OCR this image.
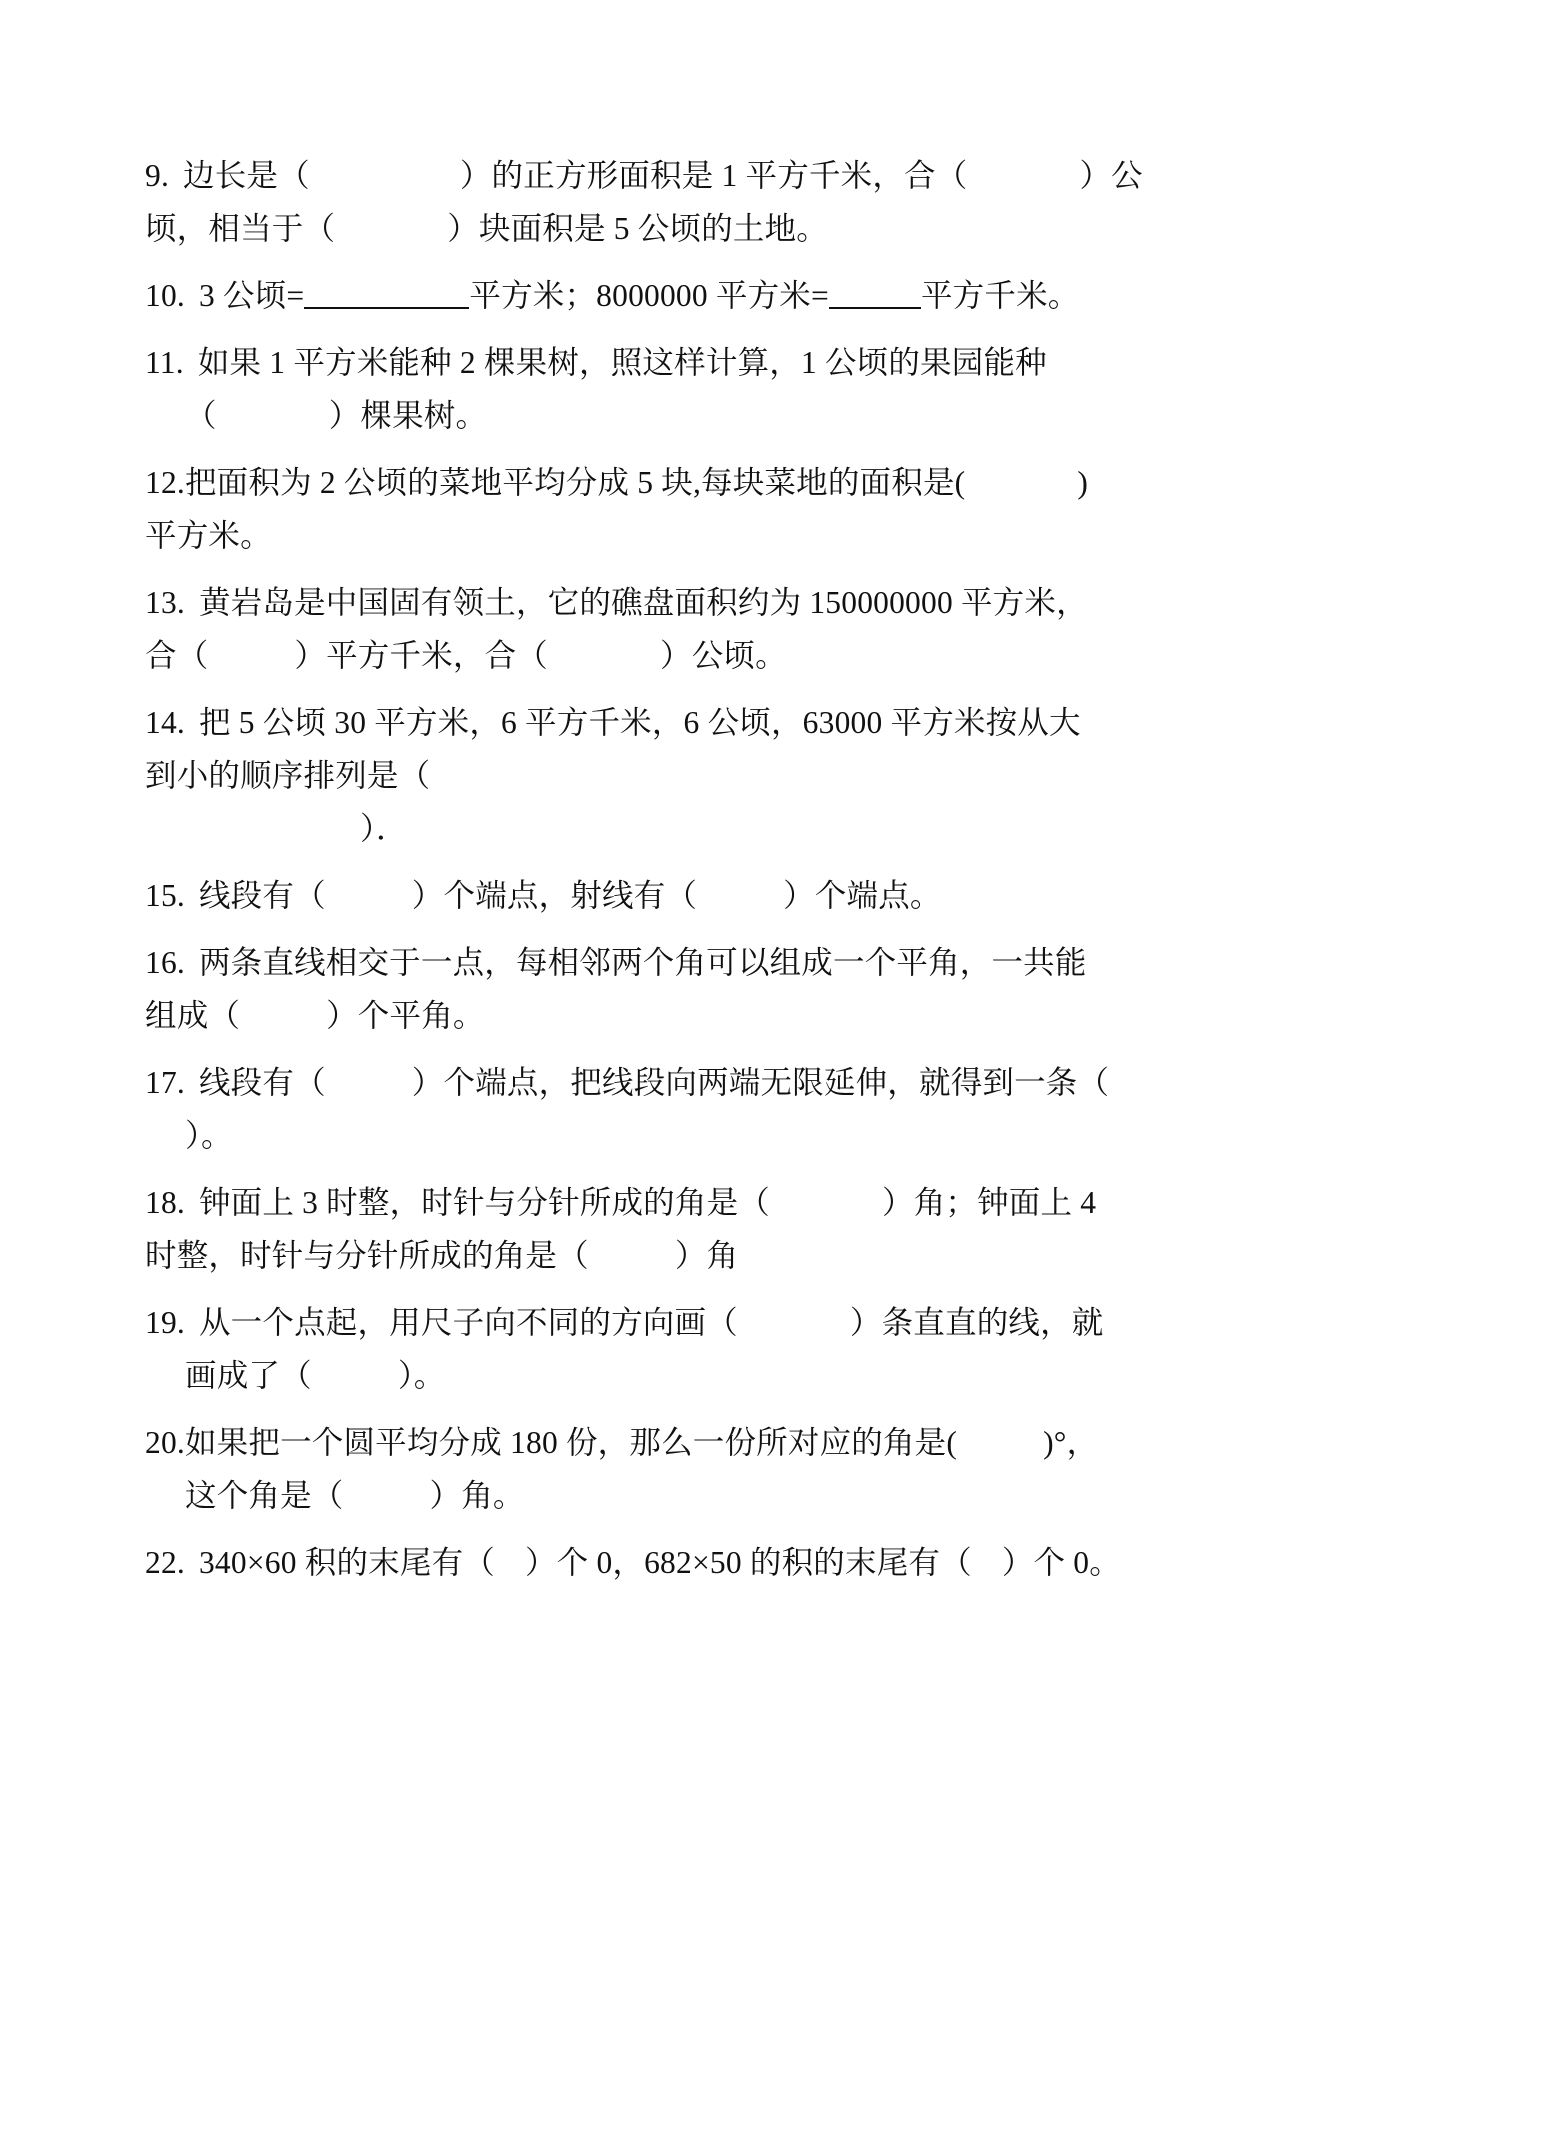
9. 边长是（	）的正方形面积是 1 平方千米，合（	）公
顷，相当于（	）块面积是 5 公顷的土地。

10. 3 公顷=	平方米；8000000 平方米=	平方千米。

11. 如果 1 平方米能种 2 棵果树，照这样计算，1 公顷的果园能种
（	）棵果树。

12.把面积为 2 公顷的菜地平均分成 5 块,每块菜地的面积是(	)
平方米。

13. 黄岩岛是中国固有领土，它的礁盘面积约为 150000000 平方米，
合（	）平方千米，合（	）公顷。

14. 把 5 公顷 30 平方米，6 平方千米，6 公顷，63000 平方米按从大
到小的顺序排列是（
）．

15. 线段有（	）个端点，射线有（	）个端点。

16. 两条直线相交于一点，每相邻两个角可以组成一个平角，一共能
组成（	）个平角。

17. 线段有（	）个端点，把线段向两端无限延伸，就得到一条（
）。

18. 钟面上 3 时整，时针与分针所成的角是（	）角；钟面上 4
时整，时针与分针所成的角是（	）角

19. 从一个点起，用尺子向不同的方向画（	）条直直的线，就
画成了（	）。

20.如果把一个圆平均分成 180 份，那么一份所对应的角是(	)°，
这个角是（	）角。

22. 340×60 积的末尾有（ ）个 0，682×50 的积的末尾有（ ）个 0。
